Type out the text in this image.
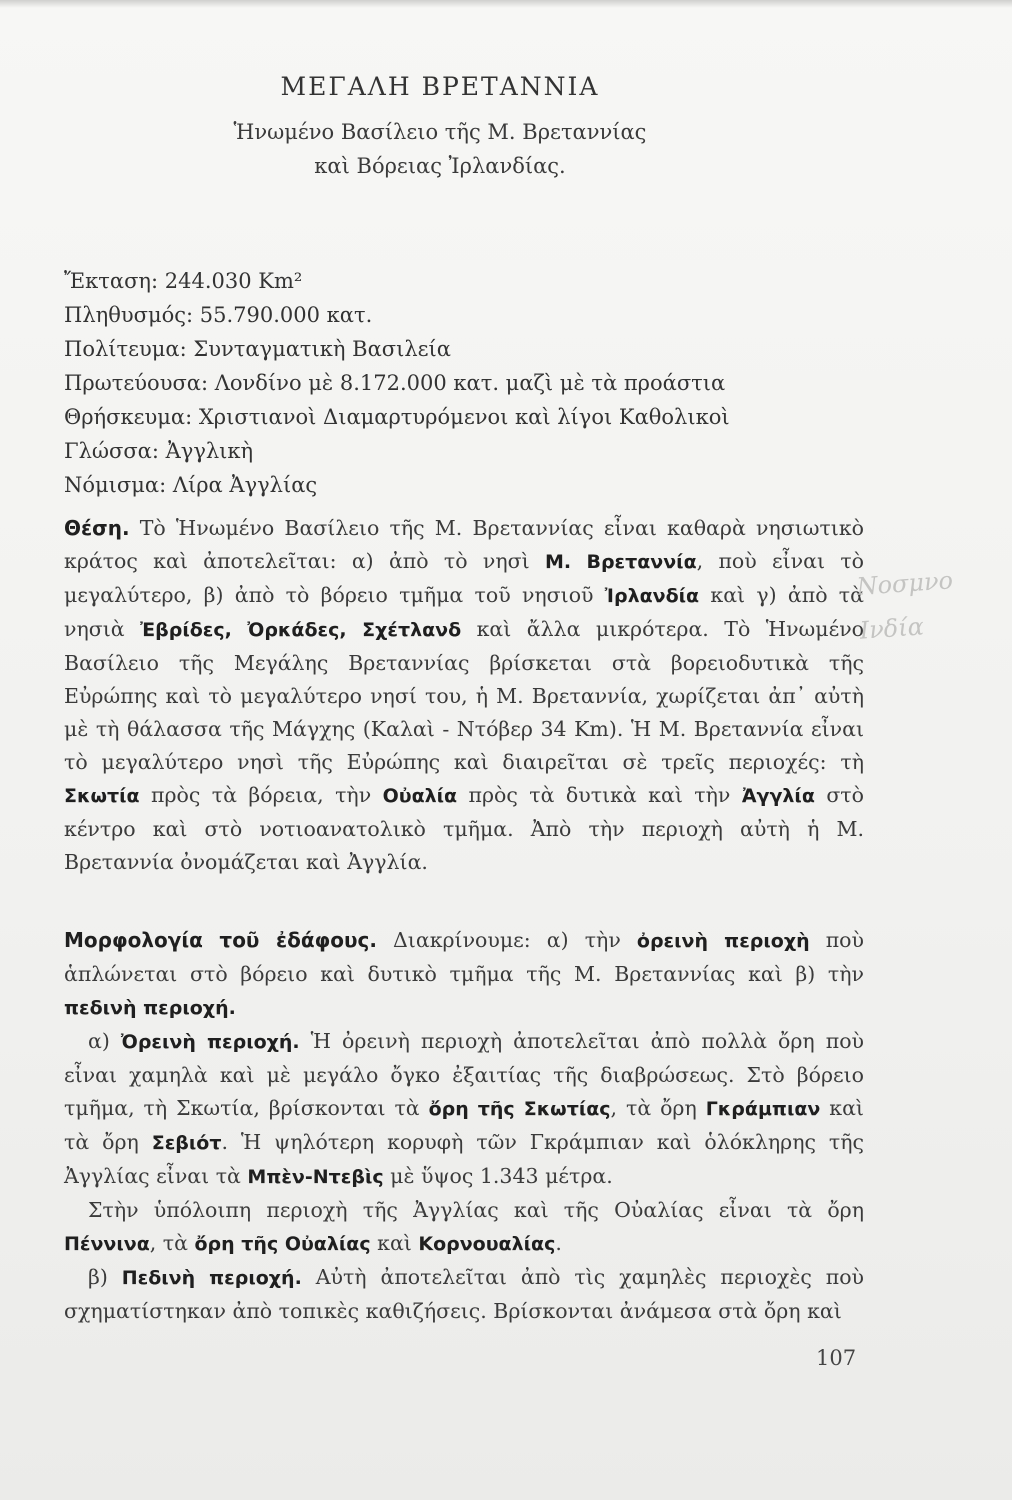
ΜΕΓΑΛΗ ΒΡΕΤΑΝΝΙΑ
Ἡνωμένο Βασίλειο τῆς Μ. Βρεταννίας
καὶ Βόρειας Ἰρλανδίας.
Ἔκταση: 244.030 Km²
Πληθυσμός: 55.790.000 κατ.
Πολίτευμα: Συνταγματικὴ Βασιλεία
Πρωτεύουσα: Λονδίνο μὲ 8.172.000 κατ. μαζὶ μὲ τὰ προάστια
Θρήσκευμα: Χριστιανοὶ Διαμαρτυρόμενοι καὶ λίγοι Καθολικοὶ
Γλώσσα: Ἀγγλικὴ
Νόμισμα: Λίρα Ἀγγλίας

Θέση. Τὸ Ἡνωμένο Βασίλειο τῆς Μ. Βρεταννίας εἶναι καθαρὰ νησιωτικὸ κράτος καὶ ἀποτελεῖται: α) ἀπὸ τὸ νησὶ Μ. Βρεταννία, ποὺ εἶναι τὸ μεγαλύτερο, β) ἀπὸ τὸ βόρειο τμῆμα τοῦ νησιοῦ Ἰρλανδία καὶ γ) ἀπὸ τὰ νησιὰ Ἐβρίδες, Ὀρκάδες, Σχέτλανδ καὶ ἄλλα μικρότερα. Τὸ Ἡνωμένο Βασίλειο τῆς Μεγάλης Βρεταννίας βρίσκεται στὰ βορειοδυτικὰ τῆς Εὐρώπης καὶ τὸ μεγαλύτερο νησί του, ἡ Μ. Βρεταννία, χωρίζεται ἀπ᾿ αὐτὴ μὲ τὴ θάλασσα τῆς Μάγχης (Καλαὶ - Ντόβερ 34 Km). Ἡ Μ. Βρεταννία εἶναι τὸ μεγαλύτερο νησὶ τῆς Εὐρώπης καὶ διαιρεῖται σὲ τρεῖς περιοχές: τὴ Σκωτία πρὸς τὰ βόρεια, τὴν Οὐαλία πρὸς τὰ δυτικὰ καὶ τὴν Ἀγγλία στὸ κέντρο καὶ στὸ νοτιοανατολικὸ τμῆμα. Ἀπὸ τὴν περιοχὴ αὐτὴ ἡ Μ. Βρεταννία ὀνομάζεται καὶ Ἀγγλία.

Νοσμνο
Ινδία

Μορφολογία τοῦ ἐδάφους. Διακρίνουμε: α) τὴν ὀρεινὴ περιοχὴ ποὺ ἁπλώνεται στὸ βόρειο καὶ δυτικὸ τμῆμα τῆς Μ. Βρεταννίας καὶ β) τὴν πεδινὴ περιοχή.

α) Ὀρεινὴ περιοχή. Ἡ ὀρεινὴ περιοχὴ ἀποτελεῖται ἀπὸ πολλὰ ὄρη ποὺ εἶναι χαμηλὰ καὶ μὲ μεγάλο ὄγκο ἐξαιτίας τῆς διαβρώσεως. Στὸ βόρειο τμῆμα, τὴ Σκωτία, βρίσκονται τὰ ὄρη τῆς Σκωτίας, τὰ ὄρη Γκράμπιαν καὶ τὰ ὄρη Σεβιότ. Ἡ ψηλότερη κορυφὴ τῶν Γκράμπιαν καὶ ὁλόκληρης τῆς Ἀγγλίας εἶναι τὰ Μπὲν-Ντεβὶς μὲ ὕψος 1.343 μέτρα.

Στὴν ὑπόλοιπη περιοχὴ τῆς Ἀγγλίας καὶ τῆς Οὐαλίας εἶναι τὰ ὄρη Πέννινα, τὰ ὄρη τῆς Οὐαλίας καὶ Κορνουαλίας.

β) Πεδινὴ περιοχή. Αὐτὴ ἀποτελεῖται ἀπὸ τὶς χαμηλὲς περιοχὲς ποὺ σχηματίστηκαν ἀπὸ τοπικὲς καθιζήσεις. Βρίσκονται ἀνάμεσα στὰ ὄρη καὶ

107
